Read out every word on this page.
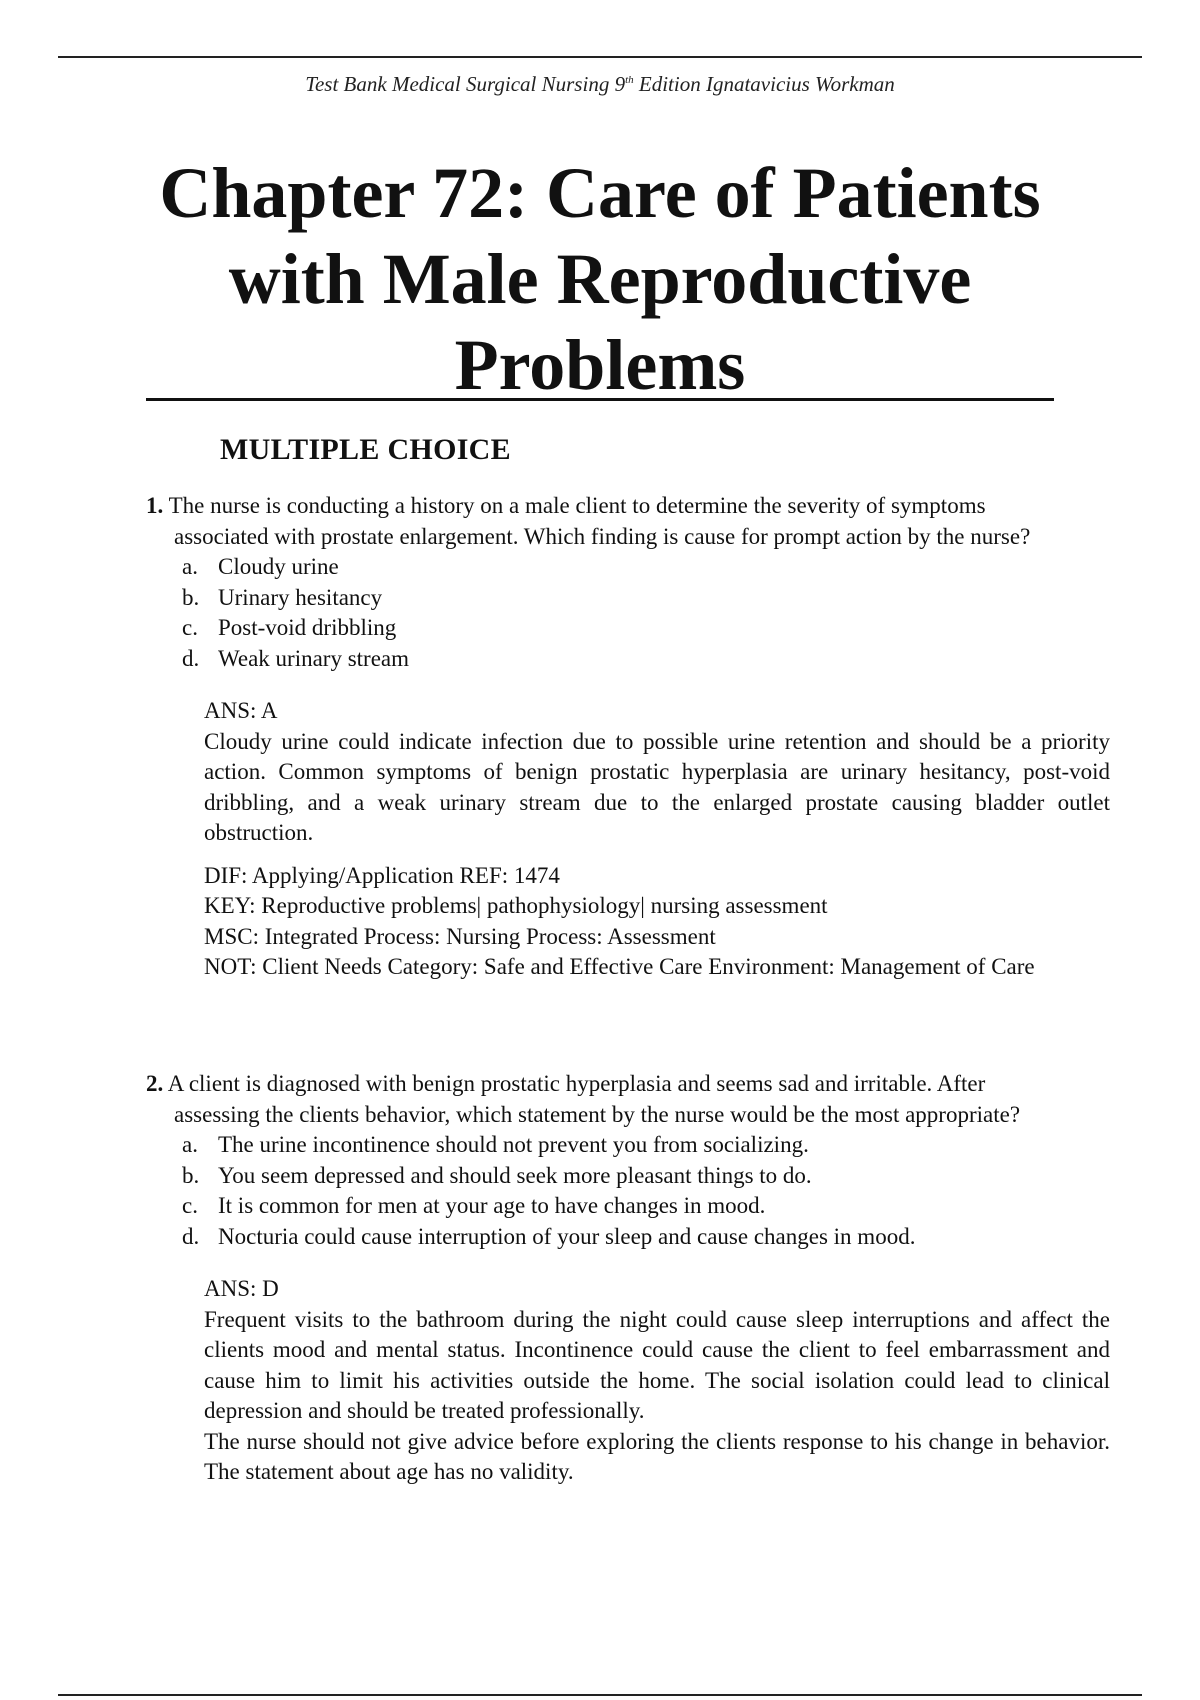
Test Bank Medical Surgical Nursing 9th Edition Ignatavicius Workman
Chapter 72: Care of Patients with Male Reproductive Problems
MULTIPLE CHOICE
1. The nurse is conducting a history on a male client to determine the severity of symptoms associated with prostate enlargement. Which finding is cause for prompt action by the nurse?
a. Cloudy urine
b. Urinary hesitancy
c. Post-void dribbling
d. Weak urinary stream
ANS: A
Cloudy urine could indicate infection due to possible urine retention and should be a priority action. Common symptoms of benign prostatic hyperplasia are urinary hesitancy, post-void dribbling, and a weak urinary stream due to the enlarged prostate causing bladder outlet obstruction.
DIF: Applying/Application REF: 1474
KEY: Reproductive problems| pathophysiology| nursing assessment
MSC: Integrated Process: Nursing Process: Assessment
NOT: Client Needs Category: Safe and Effective Care Environment: Management of Care
2. A client is diagnosed with benign prostatic hyperplasia and seems sad and irritable. After assessing the clients behavior, which statement by the nurse would be the most appropriate?
a. The urine incontinence should not prevent you from socializing.
b. You seem depressed and should seek more pleasant things to do.
c. It is common for men at your age to have changes in mood.
d. Nocturia could cause interruption of your sleep and cause changes in mood.
ANS: D
Frequent visits to the bathroom during the night could cause sleep interruptions and affect the clients mood and mental status. Incontinence could cause the client to feel embarrassment and cause him to limit his activities outside the home. The social isolation could lead to clinical depression and should be treated professionally.
The nurse should not give advice before exploring the clients response to his change in behavior. The statement about age has no validity.
